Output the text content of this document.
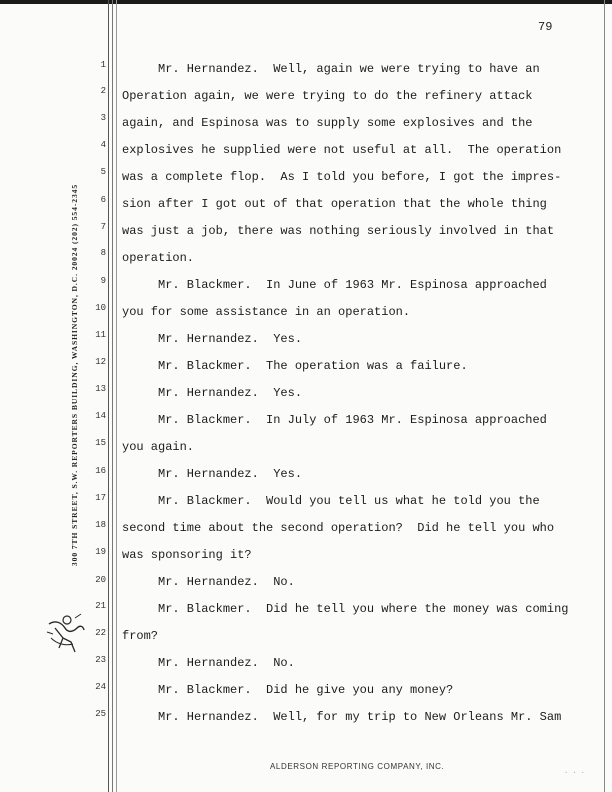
79
300 7TH STREET, S.W. REPORTERS BUILDING, WASHINGTON, D.C. 20024 (202) 554-2345
1
2
3
4
5
6
7
8
9
10
11
12
13
14
15
16
17
18
19
20
21
22
23
24
25
Mr. Hernandez.  Well, again we were trying to have an
Operation again, we were trying to do the refinery attack
again, and Espinosa was to supply some explosives and the
explosives he supplied were not useful at all.  The operation
was a complete flop.  As I told you before, I got the impres-
sion after I got out of that operation that the whole thing
was just a job, there was nothing seriously involved in that
operation.
Mr. Blackmer.  In June of 1963 Mr. Espinosa approached
you for some assistance in an operation.
Mr. Hernandez.  Yes.
Mr. Blackmer.  The operation was a failure.
Mr. Hernandez.  Yes.
Mr. Blackmer.  In July of 1963 Mr. Espinosa approached
you again.
Mr. Hernandez.  Yes.
Mr. Blackmer.  Would you tell us what he told you the
second time about the second operation?  Did he tell you who
was sponsoring it?
Mr. Hernandez.  No.
Mr. Blackmer.  Did he tell you where the money was coming
from?
Mr. Hernandez.  No.
Mr. Blackmer.  Did he give you any money?
Mr. Hernandez.  Well, for my trip to New Orleans Mr. Sam
ALDERSON REPORTING COMPANY, INC.
. . .
